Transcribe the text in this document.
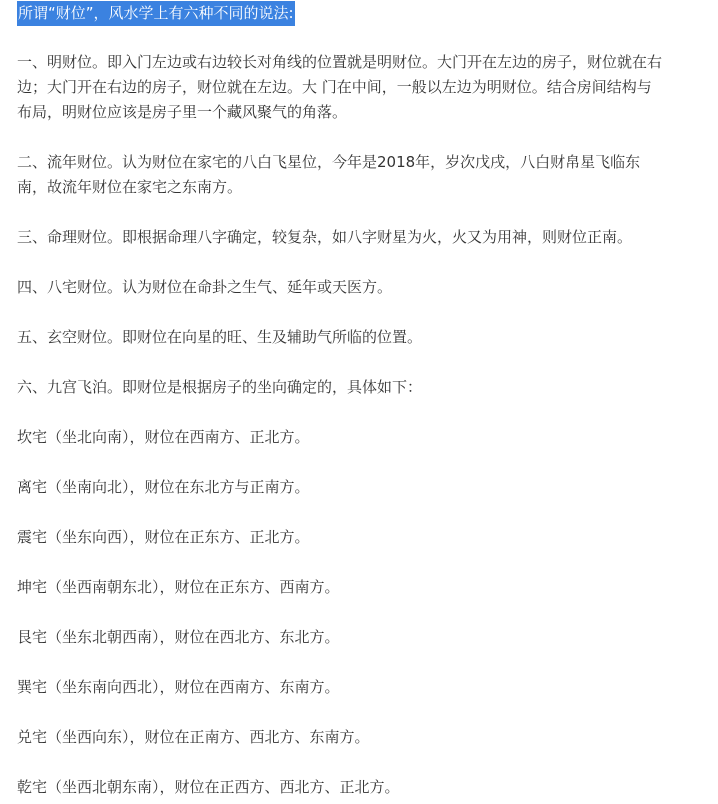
所谓“财位”，风水学上有六种不同的说法:
一、明财位。即入门左边或右边较长对角线的位置就是明财位。大门开在左边的房子，财位就在右
边；大门开在右边的房子，财位就在左边。大 门在中间，一般以左边为明财位。结合房间结构与
布局，明财位应该是房子里一个藏风聚气的角落。
二、流年财位。认为财位在家宅的八白飞星位，今年是2018年，岁次戊戌，八白财帛星飞临东
南，故流年财位在家宅之东南方。
三、命理财位。即根据命理八字确定，较复杂，如八字财星为火，火又为用神，则财位正南。
四、八宅财位。认为财位在命卦之生气、延年或天医方。
五、玄空财位。即财位在向星的旺、生及辅助气所临的位置。
六、九宫飞泊。即财位是根据房子的坐向确定的，具体如下：
坎宅（坐北向南），财位在西南方、正北方。
离宅（坐南向北），财位在东北方与正南方。
震宅（坐东向西），财位在正东方、正北方。
坤宅（坐西南朝东北），财位在正东方、西南方。
艮宅（坐东北朝西南），财位在西北方、东北方。
巽宅（坐东南向西北），财位在西南方、东南方。
兑宅（坐西向东），财位在正南方、西北方、东南方。
乾宅（坐西北朝东南），财位在正西方、西北方、正北方。
